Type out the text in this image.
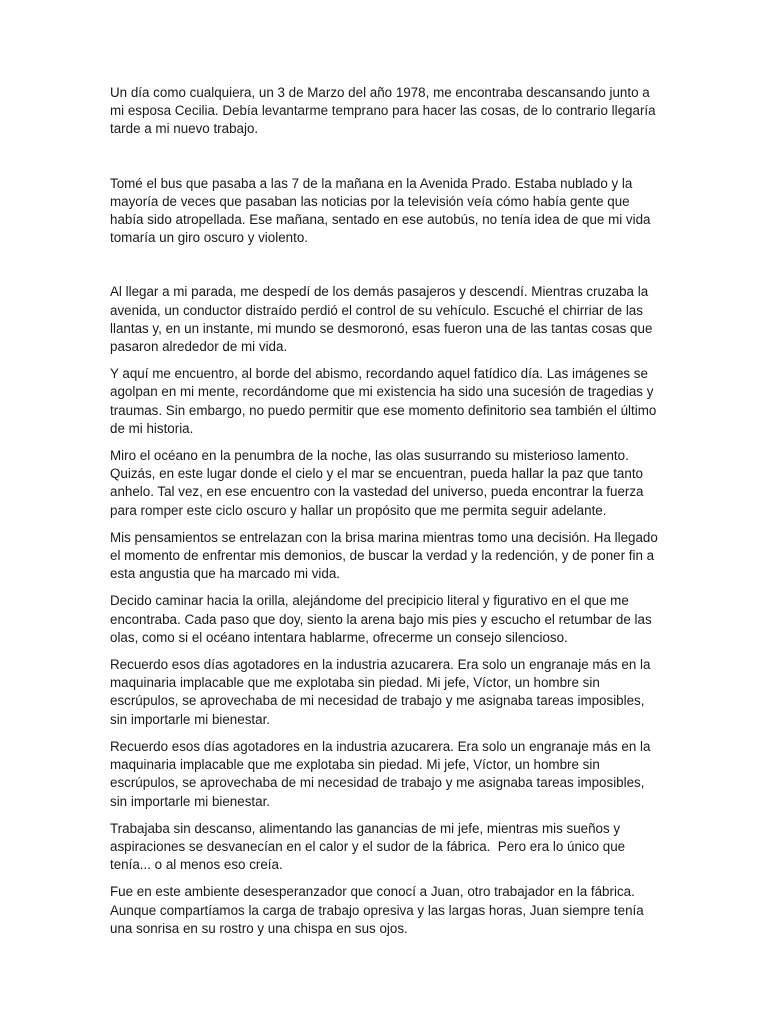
Un día como cualquiera, un 3 de Marzo del año 1978, me encontraba descansando junto a mi esposa Cecilia. Debía levantarme temprano para hacer las cosas, de lo contrario llegaría tarde a mi nuevo trabajo.

Tomé el bus que pasaba a las 7 de la mañana en la Avenida Prado. Estaba nublado y la mayoría de veces que pasaban las noticias por la televisión veía cómo había gente que había sido atropellada. Ese mañana, sentado en ese autobús, no tenía idea de que mi vida tomaría un giro oscuro y violento.

Al llegar a mi parada, me despedí de los demás pasajeros y descendí. Mientras cruzaba la avenida, un conductor distraído perdió el control de su vehículo. Escuché el chirriar de las llantas y, en un instante, mi mundo se desmoronó, esas fueron una de las tantas cosas que pasaron alrededor de mi vida.

Y aquí me encuentro, al borde del abismo, recordando aquel fatídico día. Las imágenes se agolpan en mi mente, recordándome que mi existencia ha sido una sucesión de tragedias y traumas. Sin embargo, no puedo permitir que ese momento definitorio sea también el último de mi historia.

Miro el océano en la penumbra de la noche, las olas susurrando su misterioso lamento. Quizás, en este lugar donde el cielo y el mar se encuentran, pueda hallar la paz que tanto anhelo. Tal vez, en ese encuentro con la vastedad del universo, pueda encontrar la fuerza para romper este ciclo oscuro y hallar un propósito que me permita seguir adelante.

Mis pensamientos se entrelazan con la brisa marina mientras tomo una decisión. Ha llegado el momento de enfrentar mis demonios, de buscar la verdad y la redención, y de poner fin a esta angustia que ha marcado mi vida.

Decido caminar hacia la orilla, alejándome del precipicio literal y figurativo en el que me encontraba. Cada paso que doy, siento la arena bajo mis pies y escucho el retumbar de las olas, como si el océano intentara hablarme, ofrecerme un consejo silencioso.

Recuerdo esos días agotadores en la industria azucarera. Era solo un engranaje más en la maquinaria implacable que me explotaba sin piedad. Mi jefe, Víctor, un hombre sin escrúpulos, se aprovechaba de mi necesidad de trabajo y me asignaba tareas imposibles, sin importarle mi bienestar.

Recuerdo esos días agotadores en la industria azucarera. Era solo un engranaje más en la maquinaria implacable que me explotaba sin piedad. Mi jefe, Víctor, un hombre sin escrúpulos, se aprovechaba de mi necesidad de trabajo y me asignaba tareas imposibles, sin importarle mi bienestar.

Trabajaba sin descanso, alimentando las ganancias de mi jefe, mientras mis sueños y aspiraciones se desvanecían en el calor y el sudor de la fábrica.  Pero era lo único que tenía... o al menos eso creía.

Fue en este ambiente desesperanzador que conocí a Juan, otro trabajador en la fábrica. Aunque compartíamos la carga de trabajo opresiva y las largas horas, Juan siempre tenía una sonrisa en su rostro y una chispa en sus ojos.
